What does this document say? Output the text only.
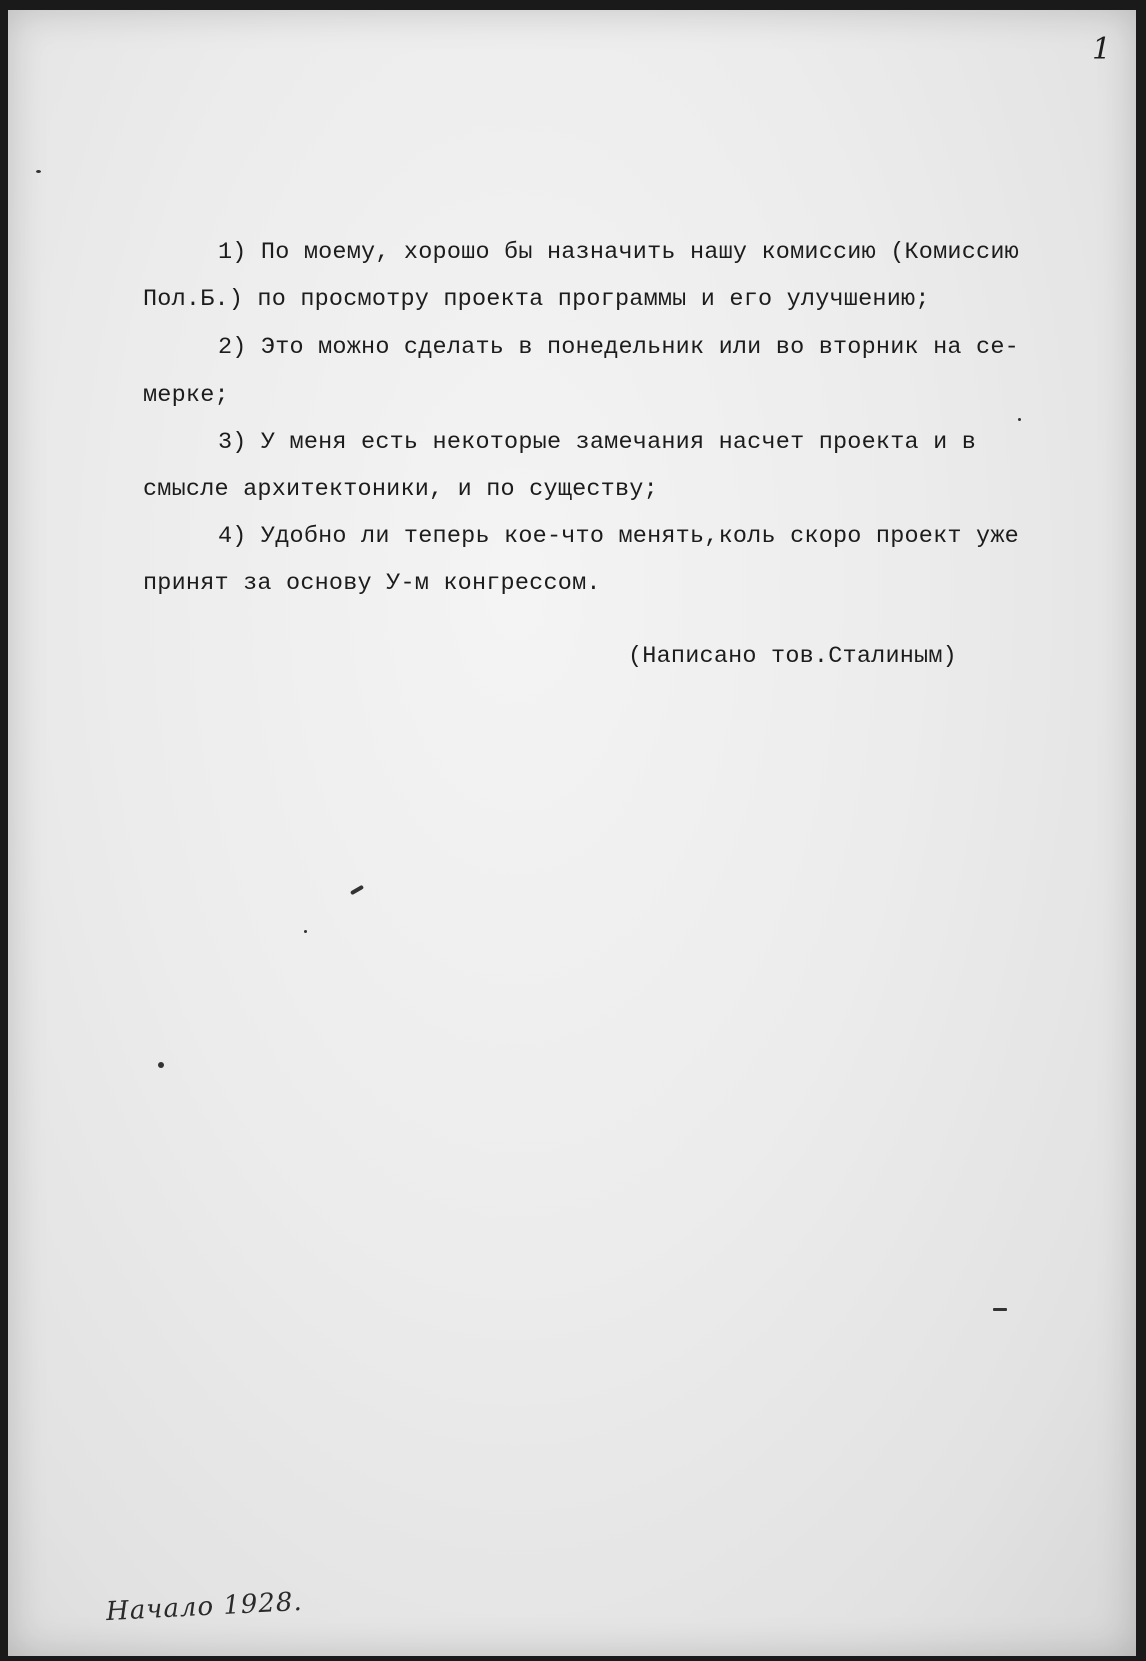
1
1) По моему, хорошо бы назначить нашу комиссию (Комиссию
Пол.Б.) по просмотру проекта программы и его улучшению;
2) Это можно сделать в понедельник или во вторник на се-
мерке;
3) У меня есть некоторые замечания насчет проекта и в
смысле архитектоники, и по существу;
4) Удобно ли теперь кое-что менять,коль скоро проект уже
принят за основу У-м конгрессом.
(Написано тов.Сталиным)
Начало 1928.
